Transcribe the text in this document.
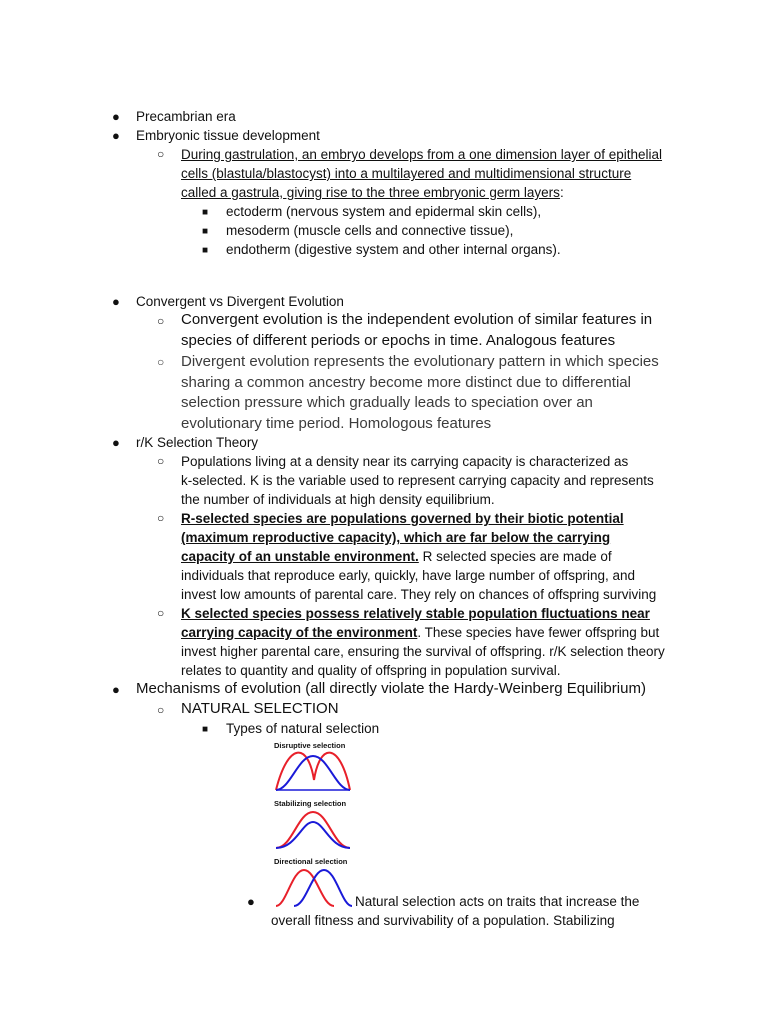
● Precambrian era
● Embryonic tissue development
○ During gastrulation, an embryo develops from a one dimension layer of epithelial
cells (blastula/blastocyst) into a multilayered and multidimensional structure
called a gastrula, giving rise to the three embryonic germ layers:
■ ectoderm (nervous system and epidermal skin cells),
■ mesoderm (muscle cells and connective tissue),
■ endotherm (digestive system and other internal organs).
● Convergent vs Divergent Evolution
○ Convergent evolution is the independent evolution of similar features in
species of different periods or epochs in time. Analogous features
○ Divergent evolution represents the evolutionary pattern in which species
sharing a common ancestry become more distinct due to differential
selection pressure which gradually leads to speciation over an
evolutionary time period. Homologous features
● r/K Selection Theory
○ Populations living at a density near its carrying capacity is characterized as
k-selected. K is the variable used to represent carrying capacity and represents
the number of individuals at high density equilibrium.
○ R-selected species are populations governed by their biotic potential
(maximum reproductive capacity), which are far below the carrying
capacity of an unstable environment. R selected species are made of
individuals that reproduce early, quickly, have large number of offspring, and
invest low amounts of parental care. They rely on chances of offspring surviving
○ K selected species possess relatively stable population fluctuations near
carrying capacity of the environment. These species have fewer offspring but
invest higher parental care, ensuring the survival of offspring. r/K selection theory
relates to quantity and quality of offspring in population survival.
● Mechanisms of evolution (all directly violate the Hardy-Weinberg Equilibrium)
○ NATURAL SELECTION
■ Types of natural selection
Disruptive selection
Stabilizing selection
Directional selection
●	Natural selection acts on traits that increase the
overall fitness and survivability of a population. Stabilizing
